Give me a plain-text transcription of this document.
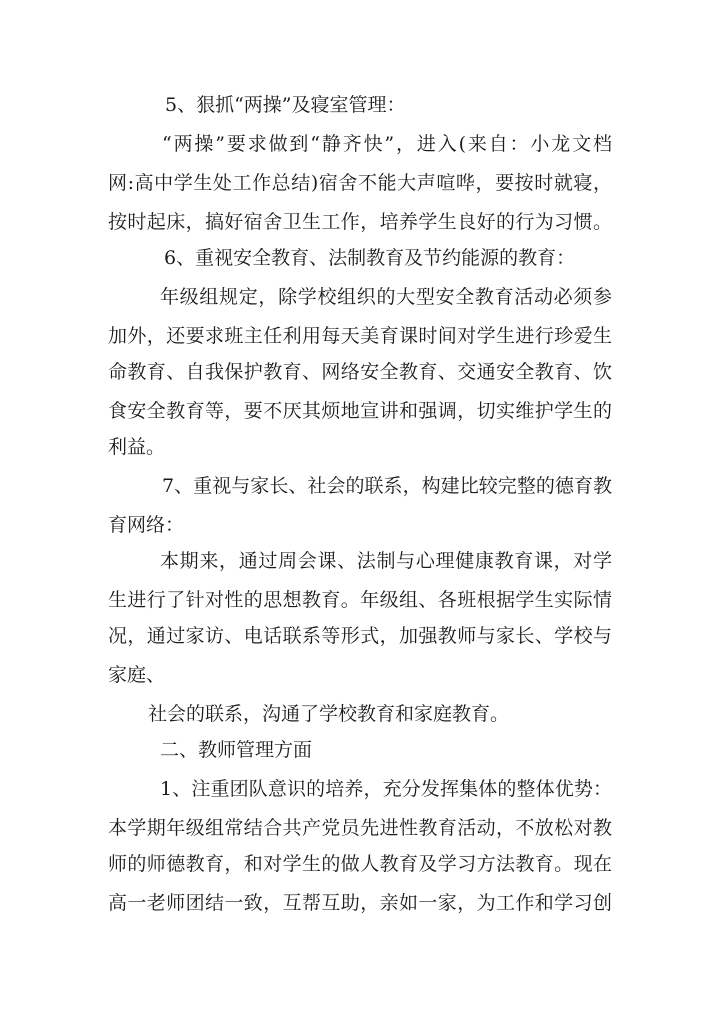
5、狠抓“两操”及寝室管理：
“两操”要求做到“静齐快”，进入(来自：小龙文档
网:高中学生处工作总结)宿舍不能大声喧哗，要按时就寝，
按时起床，搞好宿舍卫生工作，培养学生良好的行为习惯。
6、重视安全教育、法制教育及节约能源的教育：
年级组规定，除学校组织的大型安全教育活动必须参
加外，还要求班主任利用每天美育课时间对学生进行珍爱生
命教育、自我保护教育、网络安全教育、交通安全教育、饮
食安全教育等，要不厌其烦地宣讲和强调，切实维护学生的
利益。
7、重视与家长、社会的联系，构建比较完整的德育教
育网络：
本期来，通过周会课、法制与心理健康教育课，对学
生进行了针对性的思想教育。年级组、各班根据学生实际情
况，通过家访、电话联系等形式，加强教师与家长、学校与
家庭、
社会的联系，沟通了学校教育和家庭教育。
二、教师管理方面
1、注重团队意识的培养，充分发挥集体的整体优势：
本学期年级组常结合共产党员先进性教育活动，不放松对教
师的师德教育，和对学生的做人教育及学习方法教育。现在
高一老师团结一致，互帮互助，亲如一家，为工作和学习创
